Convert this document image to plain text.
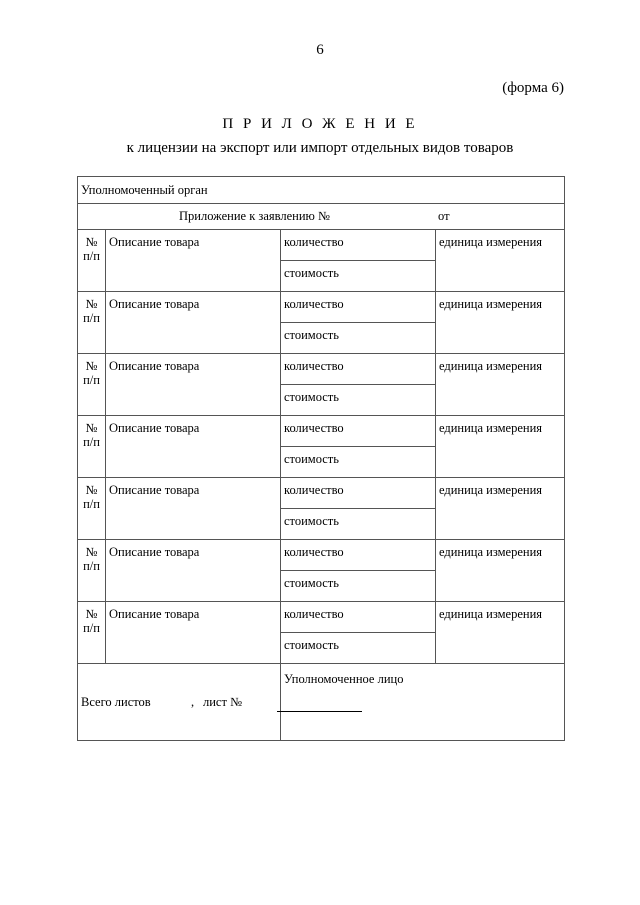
6
(форма 6)
П Р И Л О Ж Е Н И Е
к лицензии на экспорт или импорт отдельных видов товаров
Уполномоченный орган			

Приложение к заявлению № от			

№
п/п	Описание товара	количество	единица измерения
		стоимость	
№
п/п	Описание товара	количество	единица измерения
		стоимость	
№
п/п	Описание товара	количество	единица измерения
		стоимость	
№
п/п	Описание товара	количество	единица измерения
		стоимость	
№
п/п	Описание товара	количество	единица измерения
		стоимость	
№
п/п	Описание товара	количество	единица измерения
		стоимость	
№
п/п	Описание товара	количество	единица измерения
		стоимость	

Всего листов , лист №		Уполномоченное лицо	
